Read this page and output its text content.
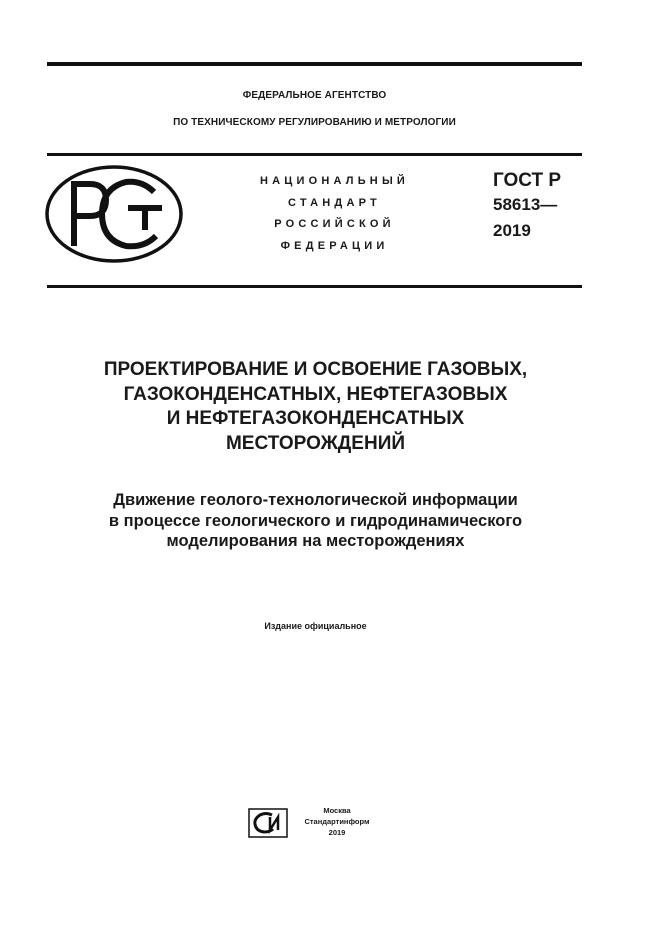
ФЕДЕРАЛЬНОЕ АГЕНТСТВО
ПО ТЕХНИЧЕСКОМУ РЕГУЛИРОВАНИЮ И МЕТРОЛОГИИ
НАЦИОНАЛЬНЫЙ
СТАНДАРТ
РОССИЙСКОЙ
ФЕДЕРАЦИИ
ГОСТ Р
58613—
2019
ПРОЕКТИРОВАНИЕ И ОСВОЕНИЕ ГАЗОВЫХ,
ГАЗОКОНДЕНСАТНЫХ, НЕФТЕГАЗОВЫХ
И НЕФТЕГАЗОКОНДЕНСАТНЫХ
МЕСТОРОЖДЕНИЙ
Движение геолого-технологической информации
в процессе геологического и гидродинамического
моделирования на месторождениях
Издание официальное
Москва
Стандартинформ
2019
